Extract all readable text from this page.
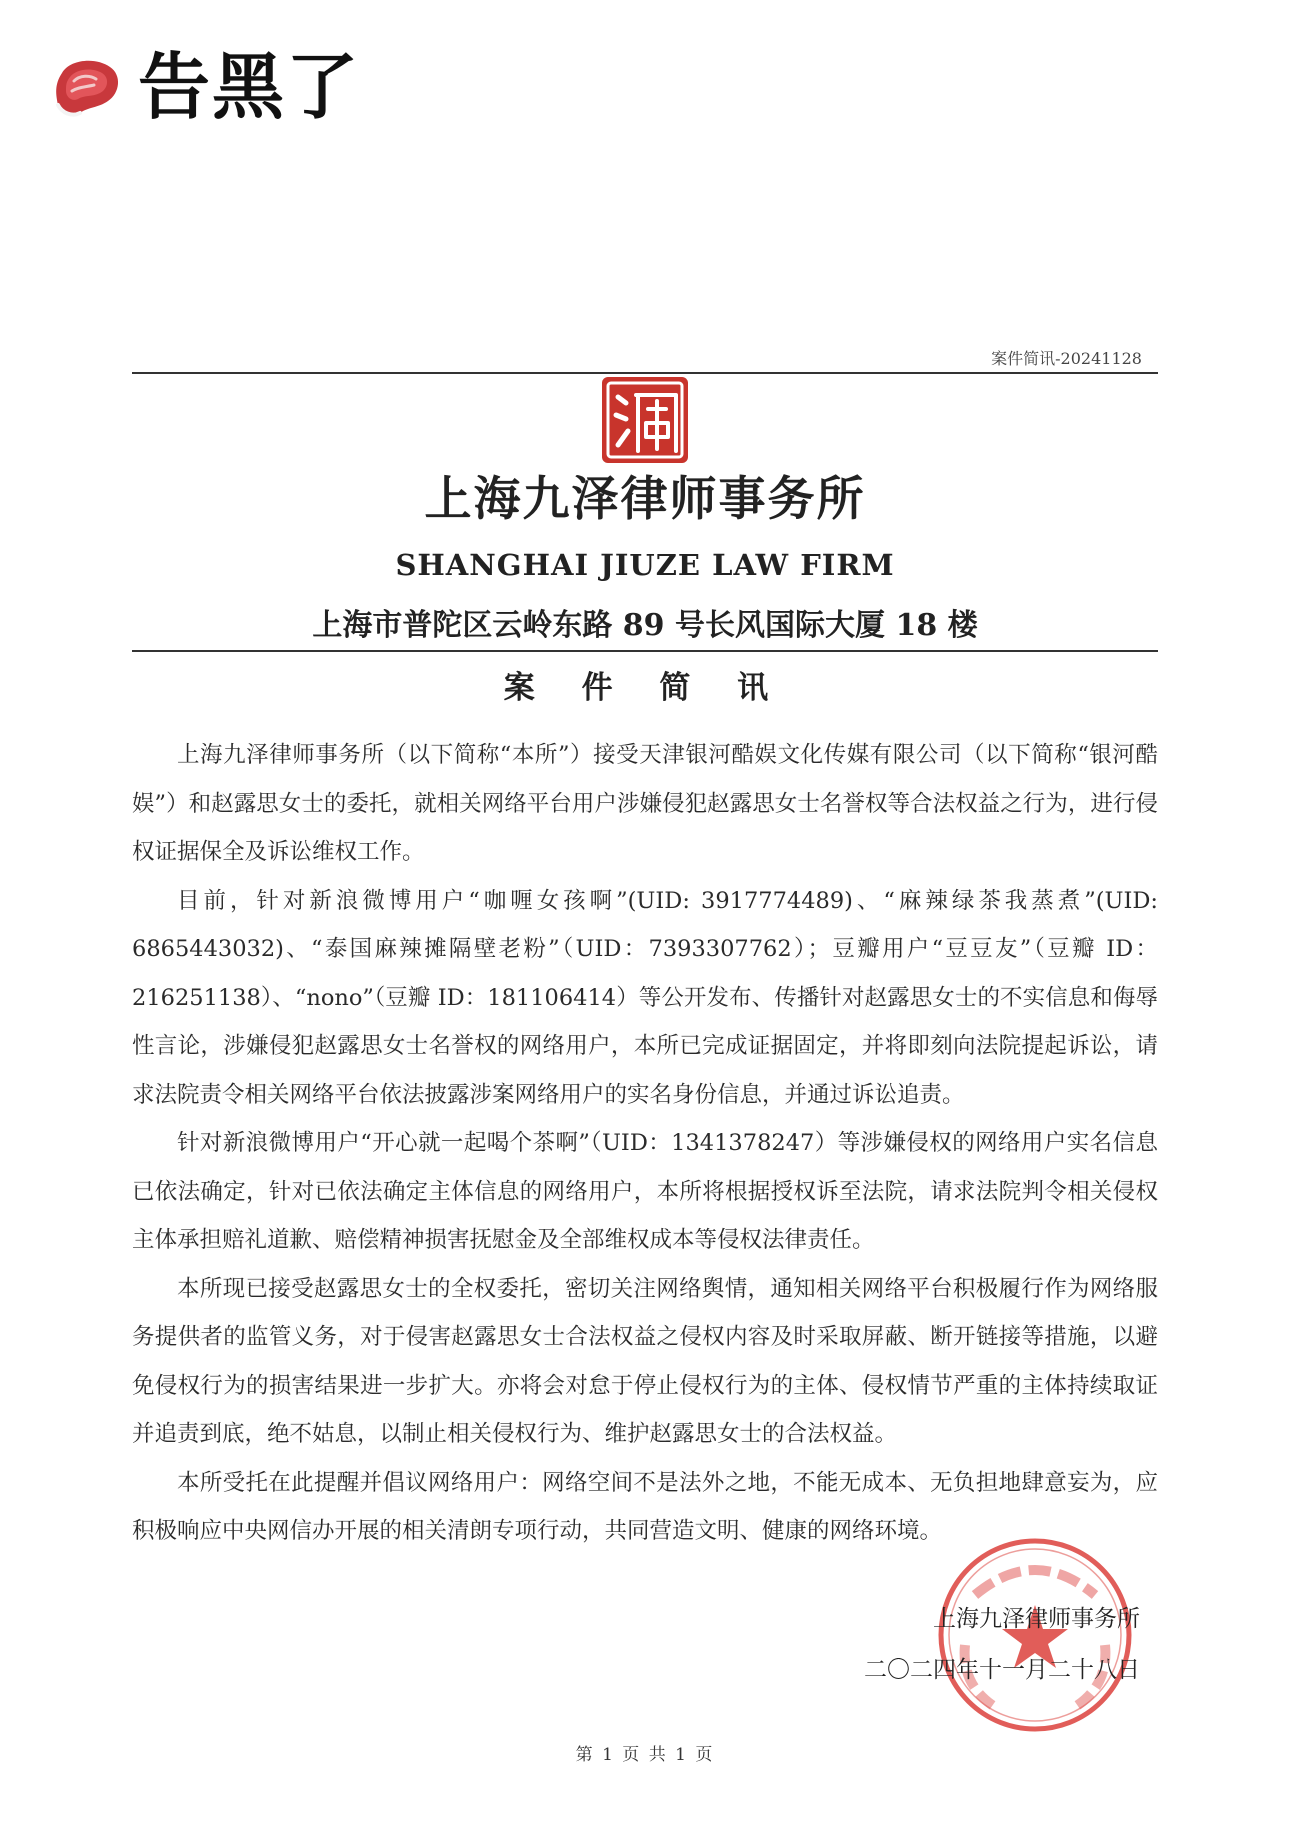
告黑了
案件简讯-20241128
上海九泽律师事务所
SHANGHAI JIUZE LAW FIRM
上海市普陀区云岭东路 89 号长风国际大厦 18 楼
案 件 简 讯

上海九泽律师事务所（以下简称“本所”）接受天津银河酷娱文化传媒有限公司（以下简称“银河酷娱”）和赵露思女士的委托，就相关网络平台用户涉嫌侵犯赵露思女士名誉权等合法权益之行为，进行侵权证据保全及诉讼维权工作。

目前，针对新浪微博用户“咖喱女孩啊”(UID: 3917774489)、“麻辣绿茶我蒸煮”(UID: 6865443032)、“泰国麻辣摊隔壁老粉”（UID：7393307762）；豆瓣用户“豆豆友”（豆瓣 ID：216251138）、“nono”（豆瓣 ID：181106414）等公开发布、传播针对赵露思女士的不实信息和侮辱性言论，涉嫌侵犯赵露思女士名誉权的网络用户，本所已完成证据固定，并将即刻向法院提起诉讼，请求法院责令相关网络平台依法披露涉案网络用户的实名身份信息，并通过诉讼追责。

针对新浪微博用户“开心就一起喝个茶啊”（UID：1341378247）等涉嫌侵权的网络用户实名信息已依法确定，针对已依法确定主体信息的网络用户，本所将根据授权诉至法院，请求法院判令相关侵权主体承担赔礼道歉、赔偿精神损害抚慰金及全部维权成本等侵权法律责任。

本所现已接受赵露思女士的全权委托，密切关注网络舆情，通知相关网络平台积极履行作为网络服务提供者的监管义务，对于侵害赵露思女士合法权益之侵权内容及时采取屏蔽、断开链接等措施，以避免侵权行为的损害结果进一步扩大。亦将会对怠于停止侵权行为的主体、侵权情节严重的主体持续取证并追责到底，绝不姑息，以制止相关侵权行为、维护赵露思女士的合法权益。

本所受托在此提醒并倡议网络用户：网络空间不是法外之地，不能无成本、无负担地肆意妄为，应积极响应中央网信办开展的相关清朗专项行动，共同营造文明、健康的网络环境。

上海九泽律师事务所
二〇二四年十一月二十八日
第 1 页 共 1 页
